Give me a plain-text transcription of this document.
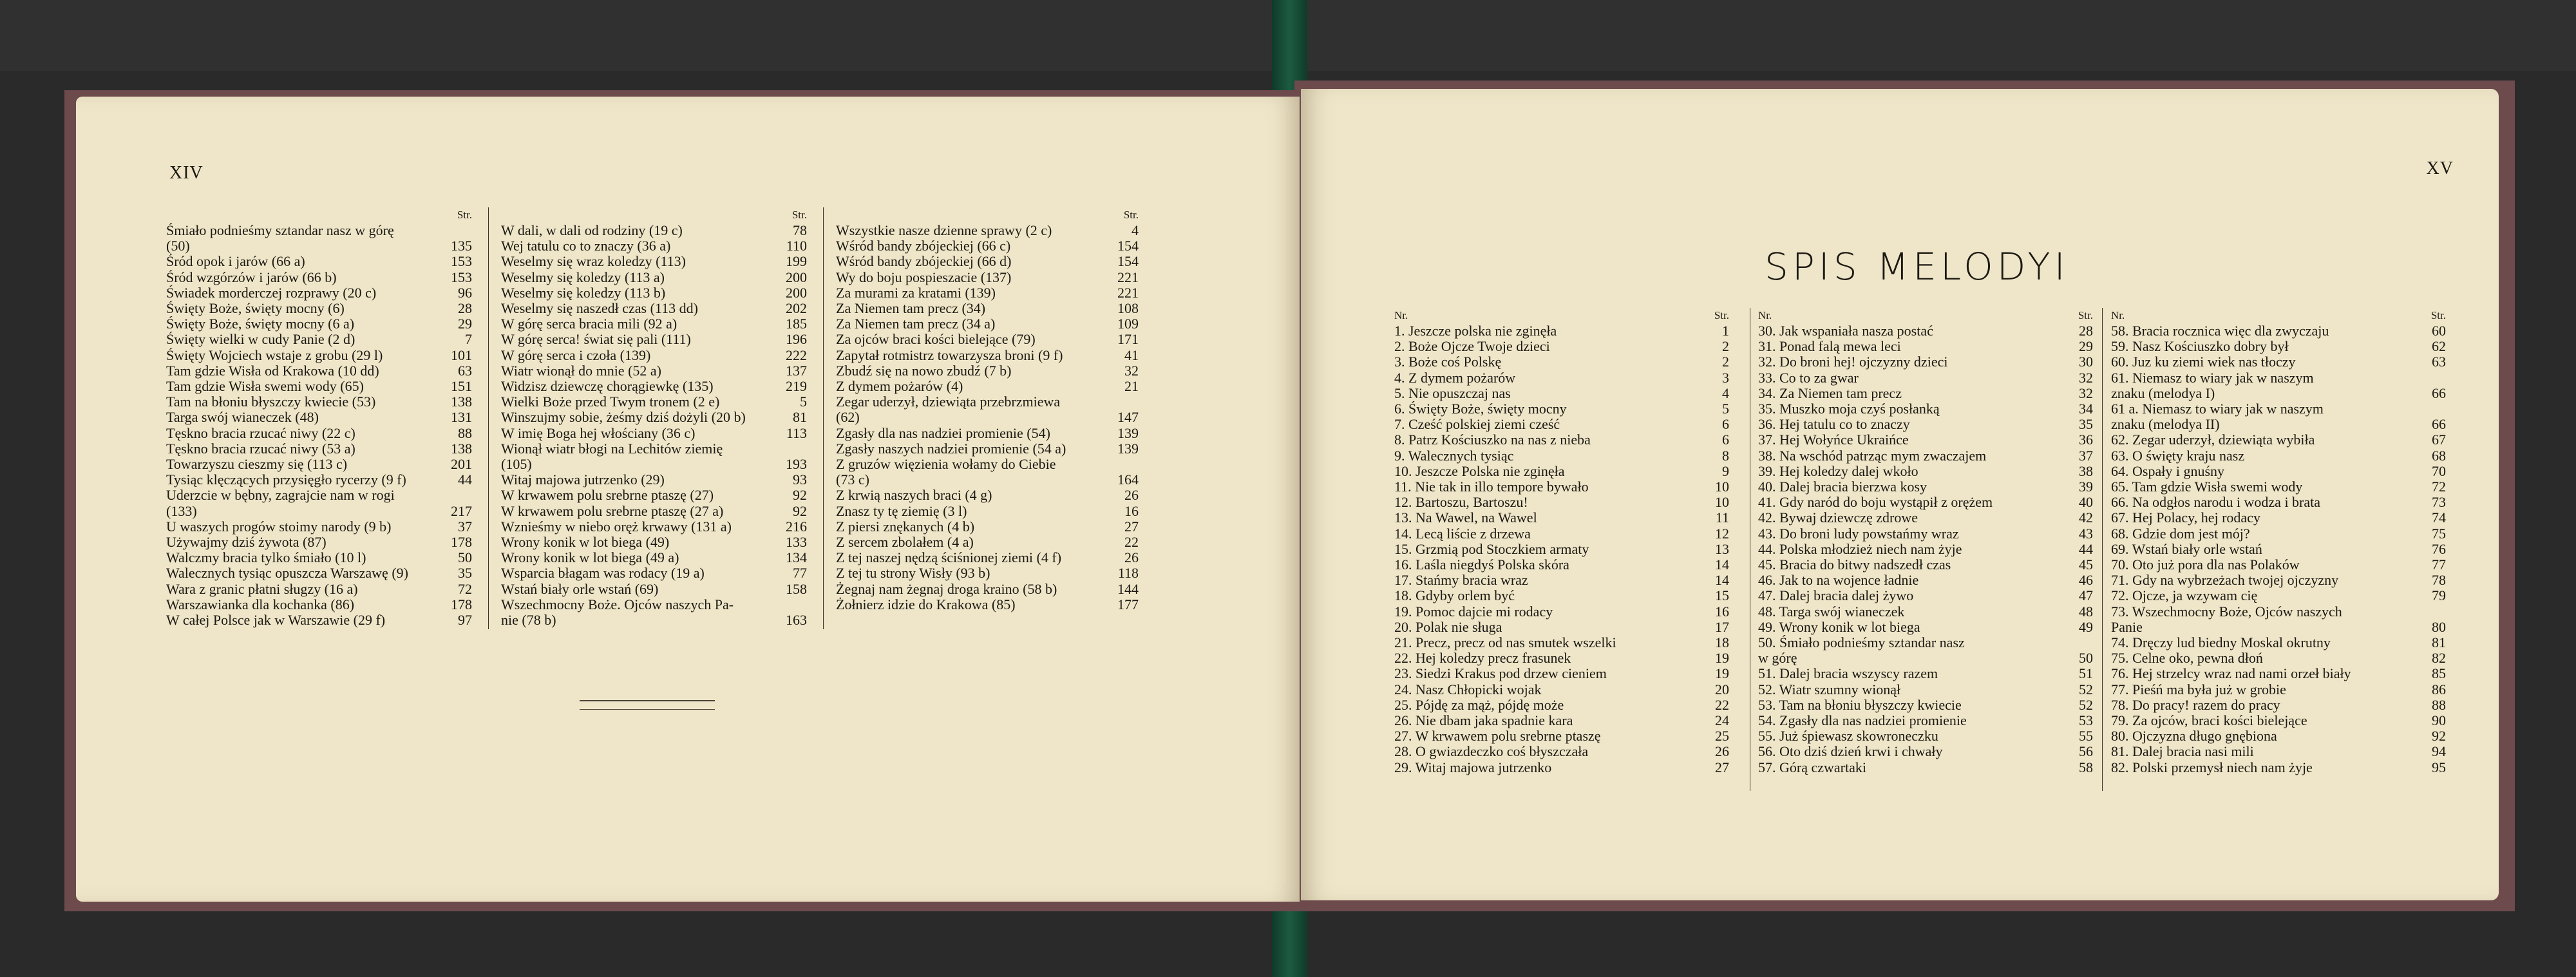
XIV
Str.
Śmiało podnieśmy sztandar nasz w górę
(50)	135
Śród opok i jarów (66 a)	153
Śród wzgórzów i jarów (66 b)	153
Świadek morderczej rozprawy (20 c)	96
Święty Boże, święty mocny (6)	28
Święty Boże, święty mocny (6 a)	29
Święty wielki w cudy Panie (2 d)	7
Święty Wojciech wstaje z grobu (29 l)	101
Tam gdzie Wisła od Krakowa (10 dd)	63
Tam gdzie Wisła swemi wody (65)	151
Tam na błoniu błyszczy kwiecie (53)	138
Targa swój wianeczek (48)	131
Tęskno bracia rzucać niwy (22 c)	88
Tęskno bracia rzucać niwy (53 a)	138
Towarzyszu cieszmy się (113 c)	201
Tysiąc klęczących przysięgło rycerzy (9 f)	44
Uderzcie w bębny, zagrajcie nam w rogi
(133)	217
U waszych progów stoimy narody (9 b)	37
Używajmy dziś żywota (87)	178
Walczmy bracia tylko śmiało (10 l)	50
Walecznych tysiąc opuszcza Warszawę (9)	35
Wara z granic płatni sługzy (16 a)	72
Warszawianka dla kochanka (86)	178
W całej Polsce jak w Warszawie (29 f)	97
Str.
W dali, w dali od rodziny (19 c)	78
Wej tatulu co to znaczy (36 a)	110
Weselmy się wraz koledzy (113)	199
Weselmy się koledzy (113 a)	200
Weselmy się koledzy (113 b)	200
Weselmy się naszedł czas (113 dd)	202
W górę serca bracia mili (92 a)	185
W górę serca! świat się pali (111)	196
W górę serca i czoła (139)	222
Wiatr wionął do mnie (52 a)	137
Widzisz dziewczę chorągiewkę (135)	219
Wielki Boże przed Twym tronem (2 e)	5
Winszujmy sobie, żeśmy dziś dożyli (20 b)	81
W imię Boga hej włościany (36 c)	113
Wionął wiatr błogi na Lechitów ziemię
(105)	193
Witaj majowa jutrzenko (29)	93
W krwawem polu srebrne ptaszę (27)	92
W krwawem polu srebrne ptaszę (27 a)	92
Wznieśmy w niebo oręż krwawy (131 a)	216
Wrony konik w lot biega (49)	133
Wrony konik w lot biega (49 a)	134
Wsparcia błagam was rodacy (19 a)	77
Wstań biały orle wstań (69)	158
Wszechmocny Boże. Ojców naszych Pa-
nie (78 b)	163
Str.
Wszystkie nasze dzienne sprawy (2 c)	4
Wśród bandy zbójeckiej (66 c)	154
Wśród bandy zbójeckiej (66 d)	154
Wy do boju pospieszacie (137)	221
Za murami za kratami (139)	221
Za Niemen tam precz (34)	108
Za Niemen tam precz (34 a)	109
Za ojców braci kości bielejące (79)	171
Zapytał rotmistrz towarzysza broni (9 f)	41
Zbudź się na nowo zbudź (7 b)	32
Z dymem pożarów (4)	21
Zegar uderzył, dziewiąta przebrzmiewa
(62)	147
Zgasły dla nas nadziei promienie (54)	139
Zgasły naszych nadziei promienie (54 a)	139
Z gruzów więzienia wołamy do Ciebie
(73 c)	164
Z krwią naszych braci (4 g)	26
Znasz ty tę ziemię (3 l)	16
Z piersi znękanych (4 b)	27
Z sercem zbolałem (4 a)	22
Z tej naszej nędzą ściśnionej ziemi (4 f)	26
Z tej tu strony Wisły (93 b)	118
Żegnaj nam żegnaj droga kraino (58 b)	144
Żołnierz idzie do Krakowa (85)	177
XV
SPIS MELODYI
Nr.	Str.
1. Jeszcze polska nie zginęła	1
2. Boże Ojcze Twoje dzieci	2
3. Boże coś Polskę	2
4. Z dymem pożarów	3
5. Nie opuszczaj nas	4
6. Święty Boże, święty mocny	5
7. Cześć polskiej ziemi cześć	6
8. Patrz Kościuszko na nas z nieba	6
9. Walecznych tysiąc	8
10. Jeszcze Polska nie zginęła	9
11. Nie tak in illo tempore bywało	10
12. Bartoszu, Bartoszu!	10
13. Na Wawel, na Wawel	11
14. Lecą liście z drzewa	12
15. Grzmią pod Stoczkiem armaty	13
16. Laśla niegdyś Polska skóra	14
17. Stańmy bracia wraz	14
18. Gdyby orlem być	15
19. Pomoc dajcie mi rodacy	16
20. Polak nie sługa	17
21. Precz, precz od nas smutek wszelki	18
22. Hej koledzy precz frasunek	19
23. Siedzi Krakus pod drzew cieniem	19
24. Nasz Chłopicki wojak	20
25. Pójdę za mąż, pójdę może	22
26. Nie dbam jaka spadnie kara	24
27. W krwawem polu srebrne ptaszę	25
28. O gwiazdeczko coś błyszczała	26
29. Witaj majowa jutrzenko	27
Nr.	Str.
30. Jak wspaniała nasza postać	28
31. Ponad falą mewa leci	29
32. Do broni hej! ojczyzny dzieci	30
33. Co to za gwar	32
34. Za Niemen tam precz	32
35. Muszko moja czyś posłanką	34
36. Hej tatulu co to znaczy	35
37. Hej Wołyńce Ukraińce	36
38. Na wschód patrząc mym zwaczajem	37
39. Hej koledzy dalej wkoło	38
40. Dalej bracia bierzwa kosy	39
41. Gdy naród do boju wystąpił z orężem	40
42. Bywaj dziewczę zdrowe	42
43. Do broni ludy powstańmy wraz	43
44. Polska młodzież niech nam żyje	44
45. Bracia do bitwy nadszedł czas	45
46. Jak to na wojence ładnie	46
47. Dalej bracia dalej żywo	47
48. Targa swój wianeczek	48
49. Wrony konik w lot biega	49
50. Śmiało podnieśmy sztandar nasz
w górę	50
51. Dalej bracia wszyscy razem	51
52. Wiatr szumny wionął	52
53. Tam na błoniu błyszczy kwiecie	52
54. Zgasły dla nas nadziei promienie	53
55. Już śpiewasz skowroneczku	55
56. Oto dziś dzień krwi i chwały	56
57. Górą czwartaki	58
Nr.	Str.
58. Bracia rocznica więc dla zwyczaju	60
59. Nasz Kościuszko dobry był	62
60. Juz ku ziemi wiek nas tłoczy	63
61. Niemasz to wiary jak w naszym
znaku (melodya I)	66
61 a. Niemasz to wiary jak w naszym
znaku (melodya II)	66
62. Zegar uderzył, dziewiąta wybiła	67
63. O święty kraju nasz	68
64. Ospały i gnuśny	70
65. Tam gdzie Wisła swemi wody	72
66. Na odgłos narodu i wodza i brata	73
67. Hej Polacy, hej rodacy	74
68. Gdzie dom jest mój?	75
69. Wstań biały orle wstań	76
70. Oto już pora dla nas Polaków	77
71. Gdy na wybrzeżach twojej ojczyzny	78
72. Ojcze, ja wzywam cię	79
73. Wszechmocny Boże, Ojców naszych
Panie	80
74. Dręczy lud biedny Moskal okrutny	81
75. Celne oko, pewna dłoń	82
76. Hej strzelcy wraz nad nami orzeł biały	85
77. Pieśń ma była już w grobie	86
78. Do pracy! razem do pracy	88
79. Za ojców, braci kości bielejące	90
80. Ojczyzna długo gnębiona	92
81. Dalej bracia nasi mili	94
82. Polski przemysł niech nam żyje	95
